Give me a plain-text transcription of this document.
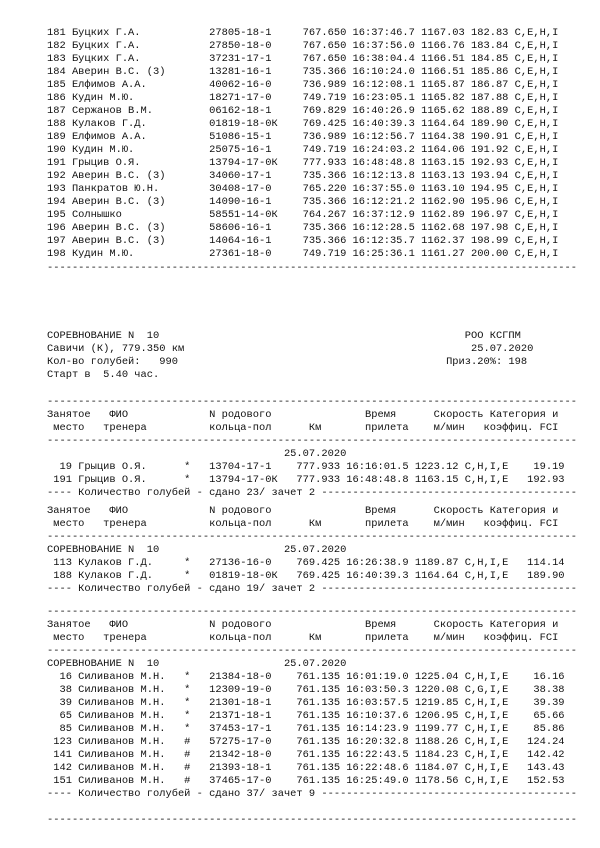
181 Буцких Г.А.           27805-18-1     767.650 16:37:46.7 1167.03 182.83 С,Е,Н,І
182 Буцких Г.А.           27850-18-0     767.650 16:37:56.0 1166.76 183.84 С,Е,Н,І
183 Буцких Г.А.           37231-17-1     767.650 16:38:04.4 1166.51 184.85 С,Е,Н,І
184 Аверин В.С. (3)       13281-16-1     735.366 16:10:24.0 1166.51 185.86 С,Е,Н,І
185 Елфимов А.А.          40062-16-0     736.989 16:12:08.1 1165.87 186.87 С,Е,Н,І
186 Кудин М.Ю.            18271-17-0     749.719 16:23:05.1 1165.82 187.88 С,Е,Н,І
187 Сержанов В.М.         06162-18-1     769.829 16:40:26.9 1165.62 188.89 С,Е,Н,І
188 Кулаков Г.Д.          01819-18-0К    769.425 16:40:39.3 1164.64 189.90 С,Е,Н,І
189 Елфимов А.А.          51086-15-1     736.989 16:12:56.7 1164.38 190.91 С,Е,Н,І
190 Кудин М.Ю.            25075-16-1     749.719 16:24:03.2 1164.06 191.92 С,Е,Н,І
191 Грыцив О.Я.           13794-17-0К    777.933 16:48:48.8 1163.15 192.93 С,Е,Н,І
192 Аверин В.С. (3)       34060-17-1     735.366 16:12:13.8 1163.13 193.94 С,Е,Н,І
193 Панкратов Ю.Н.        30408-17-0     765.220 16:37:55.0 1163.10 194.95 С,Е,Н,І
194 Аверин В.С. (3)       14090-16-1     735.366 16:12:21.2 1162.90 195.96 С,Е,Н,І
195 Солнышко              58551-14-0К    764.267 16:37:12.9 1162.89 196.97 С,Е,Н,І
196 Аверин В.С. (3)       58606-16-1     735.366 16:12:28.5 1162.68 197.98 С,Е,Н,І
197 Аверин В.С. (3)       14064-16-1     735.366 16:12:35.7 1162.37 198.99 С,Е,Н,І
198 Кудин М.Ю.            27361-18-0     749.719 16:25:36.1 1161.27 200.00 С,Е,Н,І
-------------------------------------------------------------------------------------
СОРЕВНОВАНИЕ N  10                                                 РОО КСГПМ
Савичи (К), 779.350 км                                              25.07.2020
Кол-во голубей:   990                                           Приз.20%: 198
Старт в  5.40 час.
-------------------------------------------------------------------------------------
Занятое   ФИО             N родового               Время      Скорость Категория и
место   тренера          кольца-пол      Км       прилета    м/мин   коэффиц. FCI
-------------------------------------------------------------------------------------
25.07.2020
19 Грыцив О.Я.      *   13704-17-1    777.933 16:16:01.5 1223.12 С,Н,І,Е    19.19
191 Грыцив О.Я.      *   13794-17-0К   777.933 16:48:48.8 1163.15 С,Н,І,Е   192.93
---- Количество голубей - сдано 23/ зачет 2 -----------------------------------------
Занятое   ФИО             N родового               Время      Скорость Категория и
место   тренера          кольца-пол      Км       прилета    м/мин   коэффиц. FCI
-------------------------------------------------------------------------------------
СОРЕВНОВАНИЕ N  10                    25.07.2020
113 Кулаков Г.Д.     *   27136-16-0    769.425 16:26:38.9 1189.87 С,Н,І,Е   114.14
188 Кулаков Г.Д.     *   01819-18-0К   769.425 16:40:39.3 1164.64 С,Н,І,Е   189.90
---- Количество голубей - сдано 19/ зачет 2 -----------------------------------------
-------------------------------------------------------------------------------------
Занятое   ФИО             N родового               Время      Скорость Категория и
место   тренера          кольца-пол      Км       прилета    м/мин   коэффиц. FCI
-------------------------------------------------------------------------------------
СОРЕВНОВАНИЕ N  10                    25.07.2020
16 Силиванов М.Н.   *   21384-18-0    761.135 16:01:19.0 1225.04 С,Н,І,Е    16.16
38 Силиванов М.Н.   *   12309-19-0    761.135 16:03:50.3 1220.08 С,G,І,Е    38.38
39 Силиванов М.Н.   *   21301-18-1    761.135 16:03:57.5 1219.85 С,Н,І,Е    39.39
65 Силиванов М.Н.   *   21371-18-1    761.135 16:10:37.6 1206.95 С,Н,І,Е    65.66
85 Силиванов М.Н.   *   37453-17-1    761.135 16:14:23.9 1199.77 С,Н,І,Е    85.86
123 Силиванов М.Н.   #   57275-17-0    761.135 16:20:32.8 1188.26 С,Н,І,Е   124.24
141 Силиванов М.Н.   #   21342-18-0    761.135 16:22:43.5 1184.23 С,Н,І,Е   142.42
142 Силиванов М.Н.   #   21393-18-1    761.135 16:22:48.6 1184.07 С,Н,І,Е   143.43
151 Силиванов М.Н.   #   37465-17-0    761.135 16:25:49.0 1178.56 С,Н,І,Е   152.53
---- Количество голубей - сдано 37/ зачет 9 -----------------------------------------

-------------------------------------------------------------------------------------
